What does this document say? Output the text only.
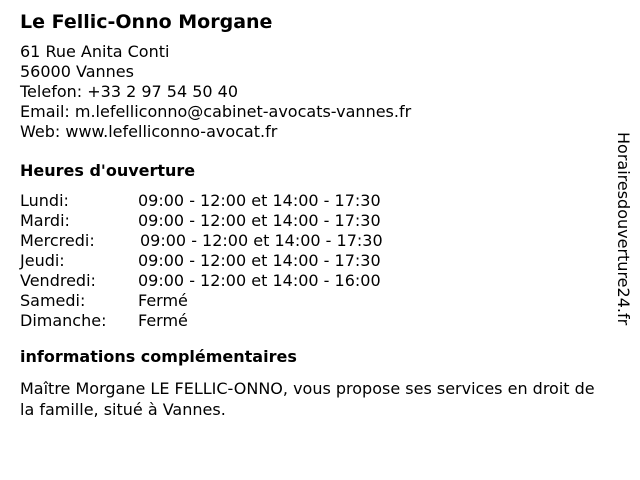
Le Fellic-Onno Morgane
61 Rue Anita Conti
56000 Vannes
Telefon: +33 2 97 54 50 40
Email: m.lefelliconno@cabinet-avocats-vannes.fr
Web: www.lefelliconno-avocat.fr
Heures d'ouverture
Lundi:	09:00 - 12:00 et 14:00 - 17:30
Mardi:	09:00 - 12:00 et 14:00 - 17:30
Mercredi:	09:00 - 12:00 et 14:00 - 17:30
Jeudi:	09:00 - 12:00 et 14:00 - 17:30
Vendredi:	09:00 - 12:00 et 14:00 - 16:00
Samedi:	Fermé
Dimanche:	Fermé
informations complémentaires

Maître Morgane LE FELLIC-ONNO, vous propose ses services en droit de la famille, situé à Vannes.

Horairesdouverture24.fr
